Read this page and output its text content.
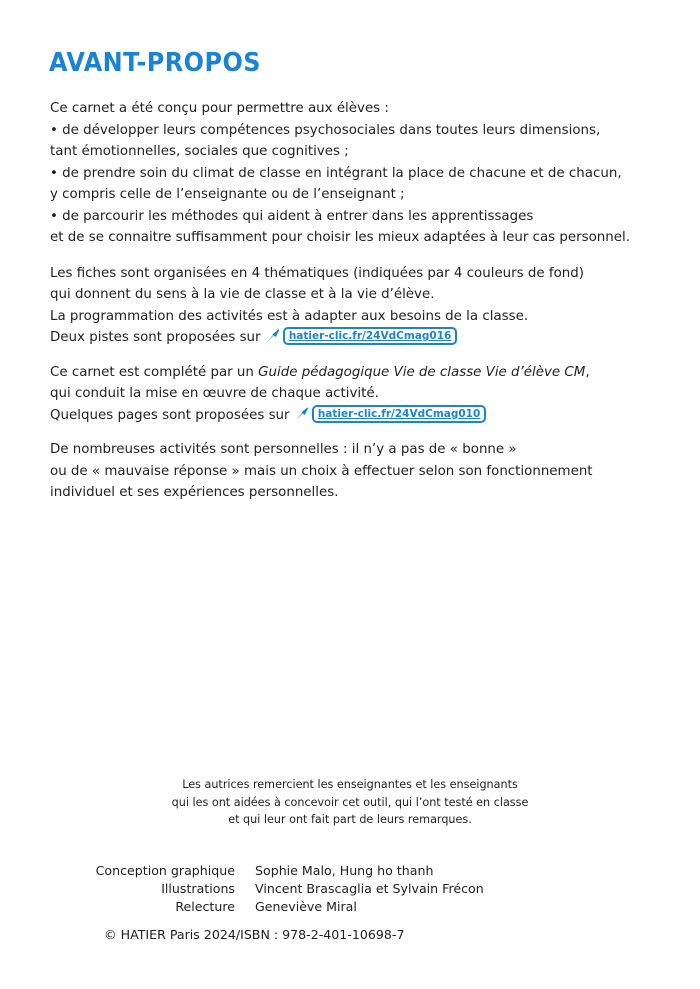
AVANT-PROPOS

Ce carnet a été conçu pour permettre aux élèves :

• de développer leurs compétences psychosociales dans toutes leurs dimensions,

tant émotionnelles, sociales que cognitives ;

• de prendre soin du climat de classe en intégrant la place de chacune et de chacun,

y compris celle de l’enseignante ou de l’enseignant ;

• de parcourir les méthodes qui aident à entrer dans les apprentissages

et de se connaitre suffisamment pour choisir les mieux adaptées à leur cas personnel.

Les fiches sont organisées en 4 thématiques (indiquées par 4 couleurs de fond)

qui donnent du sens à la vie de classe et à la vie d’élève.

La programmation des activités est à adapter aux besoins de la classe.

Deux pistes sont proposées sur	hatier-clic.fr/24VdCmag016

Ce carnet est complété par un Guide pédagogique Vie de classe Vie d’élève CM,

qui conduit la mise en œuvre de chaque activité.

Quelques pages sont proposées sur	hatier-clic.fr/24VdCmag010

De nombreuses activités sont personnelles : il n’y a pas de « bonne »

ou de « mauvaise réponse » mais un choix à effectuer selon son fonctionnement

individuel et ses expériences personnelles.

Les autrices remercient les enseignantes et les enseignants
qui les ont aidées à concevoir cet outil, qui l’ont testé en classe
et qui leur ont fait part de leurs remarques.
Conception graphique	Sophie Malo, Hung ho thanh
Illustrations	Vincent Brascaglia et Sylvain Frécon
Relecture	Geneviève Miral
© HATIER Paris 2024/ISBN : 978-2-401-10698-7
